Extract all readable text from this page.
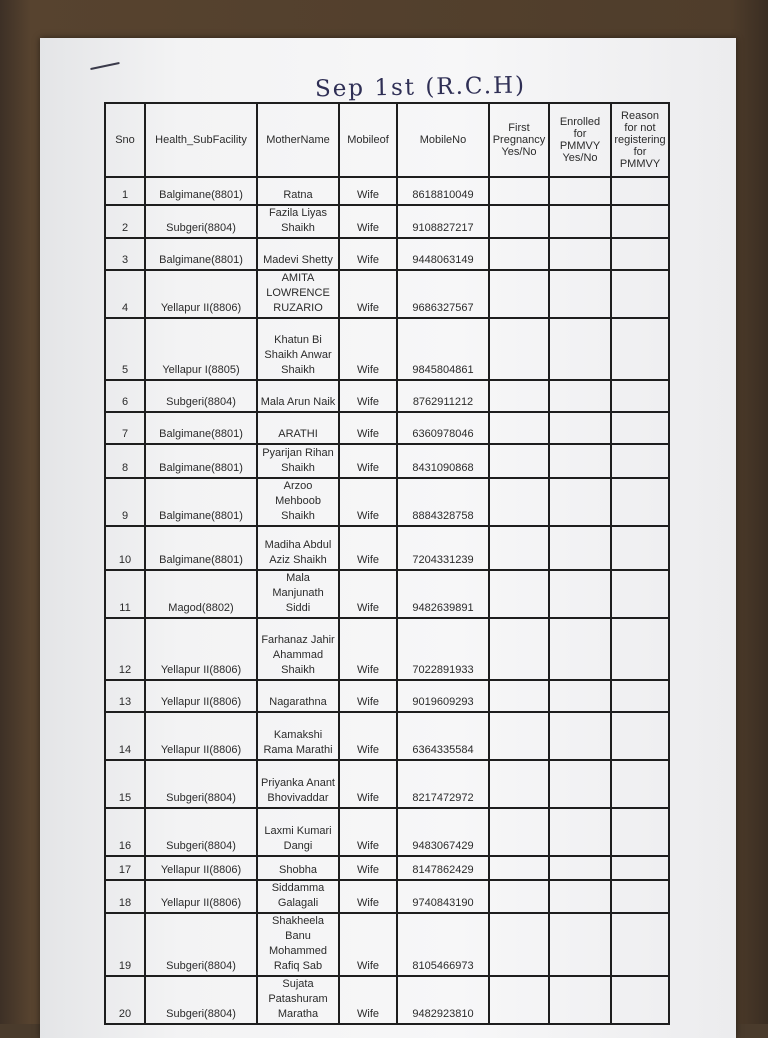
Sep 1st (R.C.H)
Sno	Health_SubFacility	MotherName	Mobileof	MobileNo	First Pregnancy Yes/No	Enrolled for PMMVY Yes/No	Reason for not registering for PMMVY
1	Balgimane(8801)	Ratna	Wife	8618810049			
2	Subgeri(8804)	Fazila Liyas Shaikh	Wife	9108827217			
3	Balgimane(8801)	Madevi Shetty	Wife	9448063149			
4	Yellapur II(8806)	AMITA LOWRENCE RUZARIO	Wife	9686327567			
5	Yellapur I(8805)	Khatun Bi Shaikh Anwar Shaikh	Wife	9845804861			
6	Subgeri(8804)	Mala Arun Naik	Wife	8762911212			
7	Balgimane(8801)	ARATHI	Wife	6360978046			
8	Balgimane(8801)	Pyarijan Rihan Shaikh	Wife	8431090868			
9	Balgimane(8801)	Arzoo Mehboob Shaikh	Wife	8884328758			
10	Balgimane(8801)	Madiha Abdul Aziz Shaikh	Wife	7204331239			
11	Magod(8802)	Mala Manjunath Siddi	Wife	9482639891			
12	Yellapur II(8806)	Farhanaz Jahir Ahammad Shaikh	Wife	7022891933			
13	Yellapur II(8806)	Nagarathna	Wife	9019609293			
14	Yellapur II(8806)	Kamakshi Rama Marathi	Wife	6364335584			
15	Subgeri(8804)	Priyanka Anant Bhovivaddar	Wife	8217472972			
16	Subgeri(8804)	Laxmi Kumari Dangi	Wife	9483067429			
17	Yellapur II(8806)	Shobha	Wife	8147862429			
18	Yellapur II(8806)	Siddamma Galagali	Wife	9740843190			
19	Subgeri(8804)	Shakheela Banu Mohammed Rafiq Sab	Wife	8105466973			
20	Subgeri(8804)	Sujata Patashuram Maratha	Wife	9482923810			
